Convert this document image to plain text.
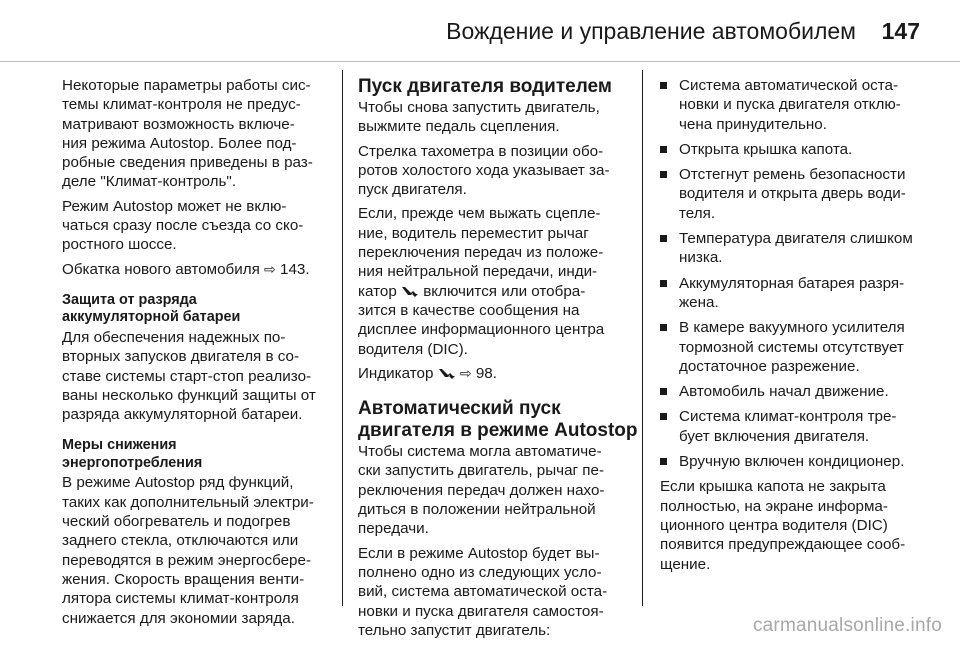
Вождение и управление автомобилем 147
Некоторые параметры работы сис-
темы климат-контроля не предус-
матривают возможность включе-
ния режима Autostop. Более под-
робные сведения приведены в раз-
деле "Климат-контроль".
Режим Autostop может не вклю-
чаться сразу после съезда со ско-
ростного шоссе.
Обкатка нового автомобиля ⇨ 143.
Защита от разряда
аккумуляторной батареи
Для обеспечения надежных по-
вторных запусков двигателя в со-
ставе системы старт-стоп реализо-
ваны несколько функций защиты от
разряда аккумуляторной батареи.
Меры снижения
энергопотребления
В режиме Autostop ряд функций,
таких как дополнительный электри-
ческий обогреватель и подогрев
заднего стекла, отключаются или
переводятся в режим энергосбере-
жения. Скорость вращения венти-
лятора системы климат-контроля
снижается для экономии заряда.
Пуск двигателя водителем
Чтобы снова запустить двигатель,
выжмите педаль сцепления.
Стрелка тахометра в позиции обо-
ротов холостого хода указывает за-
пуск двигателя.
Если, прежде чем выжать сцепле-
ние, водитель переместит рычаг
переключения передач из положе-
ния нейтральной передачи, инди-
катор
включится или отобра-
зится в качестве сообщения на
дисплее информационного центра
водителя (DIC).
Индикатор
⇨ 98.
Автоматический пуск
двигателя в режиме Autostop
Чтобы система могла автоматиче-
ски запустить двигатель, рычаг пе-
реключения передач должен нахо-
диться в положении нейтральной
передачи.
Если в режиме Autostop будет вы-
полнено одно из следующих усло-
вий, система автоматической оста-
новки и пуска двигателя самостоя-
тельно запустит двигатель:
Система автоматической оста-
новки и пуска двигателя отклю-
чена принудительно.
Открыта крышка капота.
Отстегнут ремень безопасности
водителя и открыта дверь води-
теля.
Температура двигателя слишком
низка.
Аккумуляторная батарея разря-
жена.
В камере вакуумного усилителя
тормозной системы отсутствует
достаточное разрежение.
Автомобиль начал движение.
Система климат-контроля тре-
бует включения двигателя.
Вручную включен кондиционер.
Если крышка капота не закрыта
полностью, на экране информа-
ционного центра водителя (DIC)
появится предупреждающее сооб-
щение.
carmanualsonline.info
